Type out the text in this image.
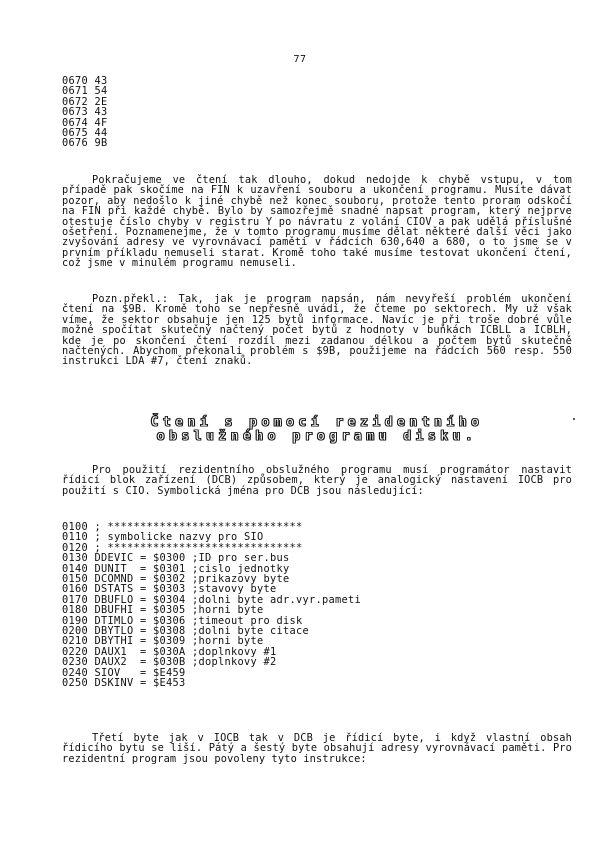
77
0670 43
0671 54
0672 2E
0673 43
0674 4F
0675 44
0676 9B

Pokračujeme ve čtení tak dlouho, dokud nedojde k chybě vstupu, v tom případě pak skočíme na FIN k uzavření souboru a ukončení programu. Musíte dávat pozor, aby nedošlo k jiné chybě než konec souboru, protože tento proram odskočí na FIN při každé chybě. Bylo by samozřejmě snadné napsat program, který nejprve otestuje číslo chyby v registru Y po návratu z volání CIOV a pak udělá příslušné ošetření. Poznamenejme, že v tomto programu musíme dělat některé další věci jako zvyšování adresy ve vyrovnávací paměti v řádcích 630,640 a 680, o to jsme se v prvním příkladu nemuseli starat. Kromě toho také musíme testovat ukončení čtení, což jsme v minulém programu nemuseli.

Pozn.překl.: Tak, jak je program napsán, nám nevyřeší problém ukončení čtení na $9B. Kromě toho se nepřesně uvádí, že čteme po sektorech. My už však víme, že sektor obsahuje jen 125 bytů informace. Navíc je při troše dobré vůle možné spočítat skutečný načtený počet bytů z hodnoty v buňkách ICBLL a ICBLH, kde je po skončení čtení rozdíl mezi zadanou délkou a počtem bytů skutečně načtených. Abychom překonali problém s $9B, použijeme na řádcích 560 resp. 550 instrukci LDA #7, čtení znaků.

Čtení s pomocí rezidentního
obslužného programu disku.

Pro použití rezidentního obslužného programu musí programátor nastavit řídicí blok zařízení (DCB) způsobem, který je analogický nastavení IOCB pro použití s CIO. Symbolická jména pro DCB jsou následující:

0100 ; ******************************
0110 ; symbolicke nazvy pro SIO
0120 ; ******************************
0130 DDEVIC = $0300 ;ID pro ser.bus
0140 DUNIT  = $0301 ;cislo jednotky
0150 DCOMND = $0302 ;prikazovy byte
0160 DSTATS = $0303 ;stavovy byte
0170 DBUFLO = $0304 ;dolni byte adr.vyr.pameti
0180 DBUFHI = $0305 ;horni byte
0190 DTIMLO = $0306 ;timeout pro disk
0200 DBYTLO = $0308 ;dolni byte citace
0210 DBYTHI = $0309 ;horni byte
0220 DAUX1  = $030A ;doplnkovy #1
0230 DAUX2  = $030B ;doplnkovy #2
0240 SIOV   = $E459
0250 DSKINV = $E453

Třetí byte jak v IOCB tak v DCB je řídicí byte, i když vlastní obsah řídicího bytu se liší. Pátý a šestý byte obsahují adresy vyrovnávací paměti. Pro rezidentní program jsou povoleny tyto instrukce:
